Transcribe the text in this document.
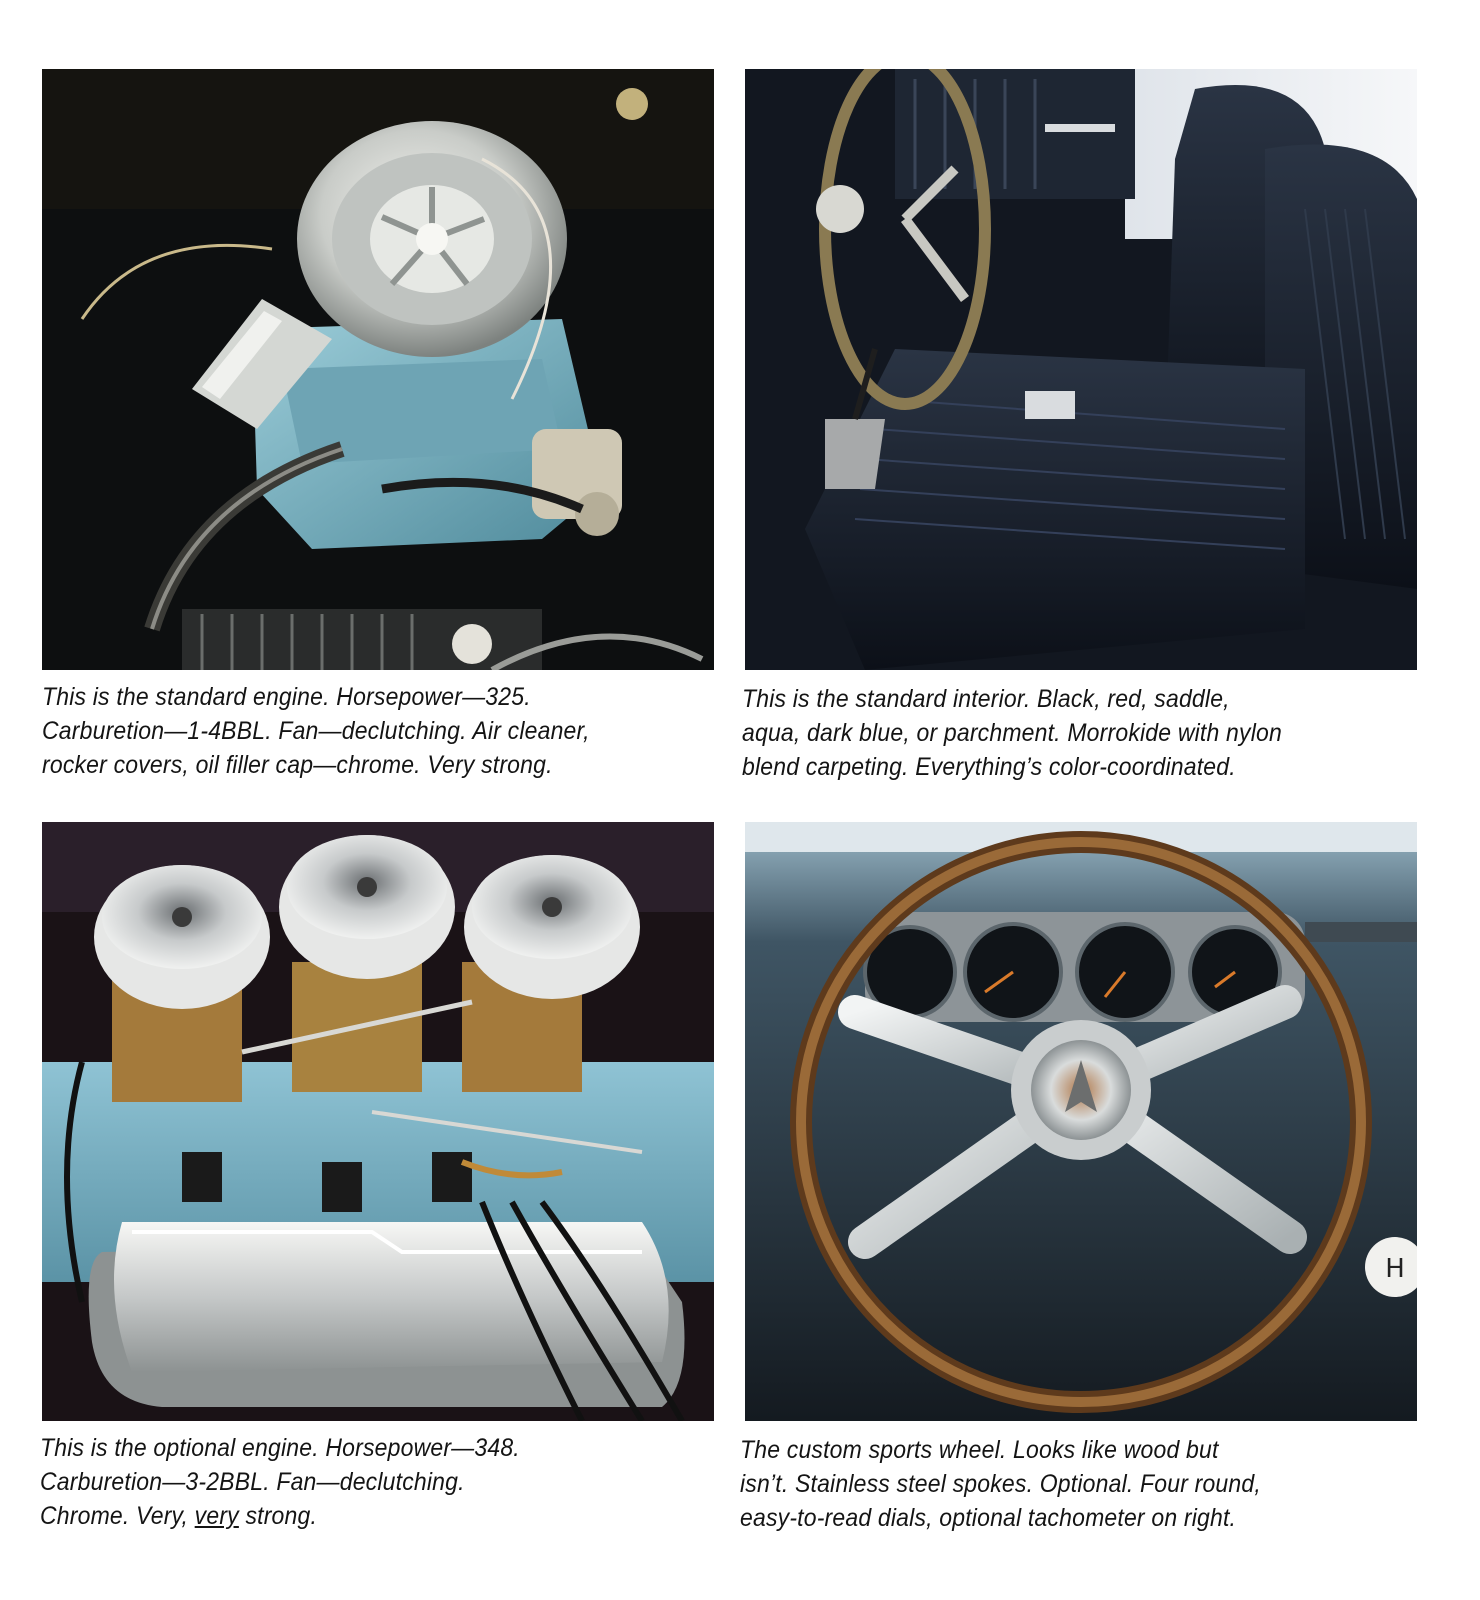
This is the standard engine. Horsepower—325.
Carburetion—1-4BBL. Fan—declutching. Air cleaner,
rocker covers, oil filler cap—chrome. Very strong.

This is the standard interior. Black, red, saddle,
aqua, dark blue, or parchment. Morrokide with nylon
blend carpeting. Everything’s color-coordinated.

This is the optional engine. Horsepower—348.
Carburetion—3-2BBL. Fan—declutching.
Chrome. Very, very strong.

H

The custom sports wheel. Looks like wood but
isn’t. Stainless steel spokes. Optional. Four round,
easy-to-read dials, optional tachometer on right.
